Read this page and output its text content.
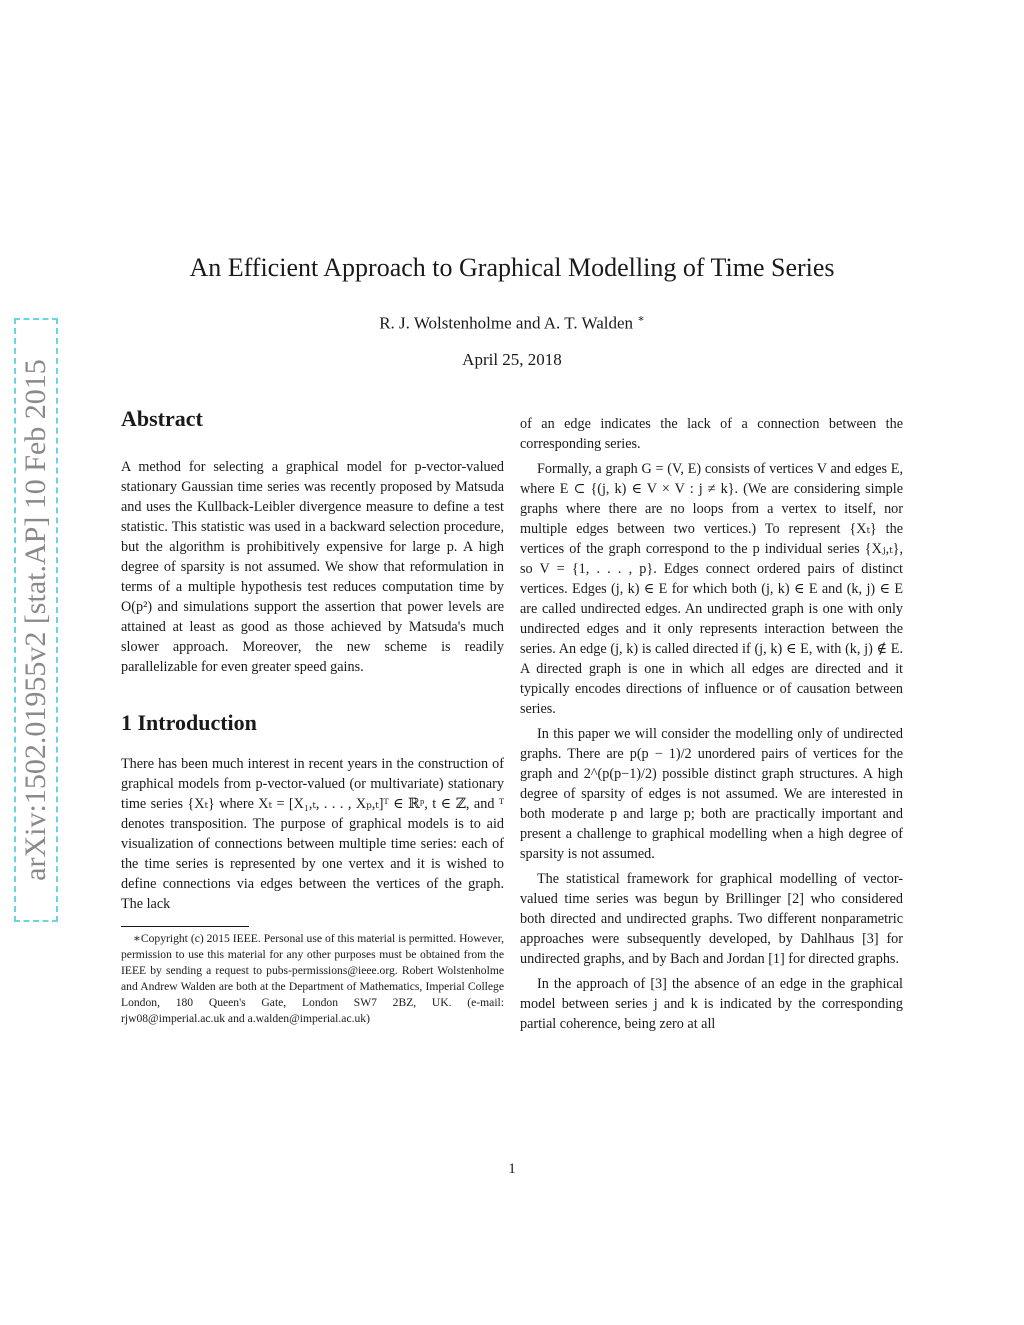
arXiv:1502.01955v2 [stat.AP] 10 Feb 2015
An Efficient Approach to Graphical Modelling of Time Series
R. J. Wolstenholme and A. T. Walden ∗
April 25, 2018
Abstract

A method for selecting a graphical model for p-vector-valued stationary Gaussian time series was recently proposed by Matsuda and uses the Kullback-Leibler divergence measure to define a test statistic. This statistic was used in a backward selection procedure, but the algorithm is prohibitively expensive for large p. A high degree of sparsity is not assumed. We show that reformulation in terms of a multiple hypothesis test reduces computation time by O(p²) and simulations support the assertion that power levels are attained at least as good as those achieved by Matsuda's much slower approach. Moreover, the new scheme is readily parallelizable for even greater speed gains.

1 Introduction

There has been much interest in recent years in the construction of graphical models from p-vector-valued (or multivariate) stationary time series {Xₜ} where Xₜ = [X₁,ₜ, . . . , Xₚ,ₜ]ᵀ ∈ ℝᵖ, t ∈ ℤ, and ᵀ denotes transposition. The purpose of graphical models is to aid visualization of connections between multiple time series: each of the time series is represented by one vertex and it is wished to define connections via edges between the vertices of the graph. The lack

∗Copyright (c) 2015 IEEE. Personal use of this material is permitted. However, permission to use this material for any other purposes must be obtained from the IEEE by sending a request to pubs-permissions@ieee.org. Robert Wolstenholme and Andrew Walden are both at the Department of Mathematics, Imperial College London, 180 Queen's Gate, London SW7 2BZ, UK. (e-mail: rjw08@imperial.ac.uk and a.walden@imperial.ac.uk)

of an edge indicates the lack of a connection between the corresponding series.

Formally, a graph G = (V, E) consists of vertices V and edges E, where E ⊂ {(j, k) ∈ V × V : j ≠ k}. (We are considering simple graphs where there are no loops from a vertex to itself, nor multiple edges between two vertices.) To represent {Xₜ} the vertices of the graph correspond to the p individual series {Xⱼ,ₜ}, so V = {1, . . . , p}. Edges connect ordered pairs of distinct vertices. Edges (j, k) ∈ E for which both (j, k) ∈ E and (k, j) ∈ E are called undirected edges. An undirected graph is one with only undirected edges and it only represents interaction between the series. An edge (j, k) is called directed if (j, k) ∈ E, with (k, j) ∉ E. A directed graph is one in which all edges are directed and it typically encodes directions of influence or of causation between series.

In this paper we will consider the modelling only of undirected graphs. There are p(p − 1)/2 unordered pairs of vertices for the graph and 2^(p(p−1)/2) possible distinct graph structures. A high degree of sparsity of edges is not assumed. We are interested in both moderate p and large p; both are practically important and present a challenge to graphical modelling when a high degree of sparsity is not assumed.

The statistical framework for graphical modelling of vector-valued time series was begun by Brillinger [2] who considered both directed and undirected graphs. Two different nonparametric approaches were subsequently developed, by Dahlhaus [3] for undirected graphs, and by Bach and Jordan [1] for directed graphs.

In the approach of [3] the absence of an edge in the graphical model between series j and k is indicated by the corresponding partial coherence, being zero at all

1
